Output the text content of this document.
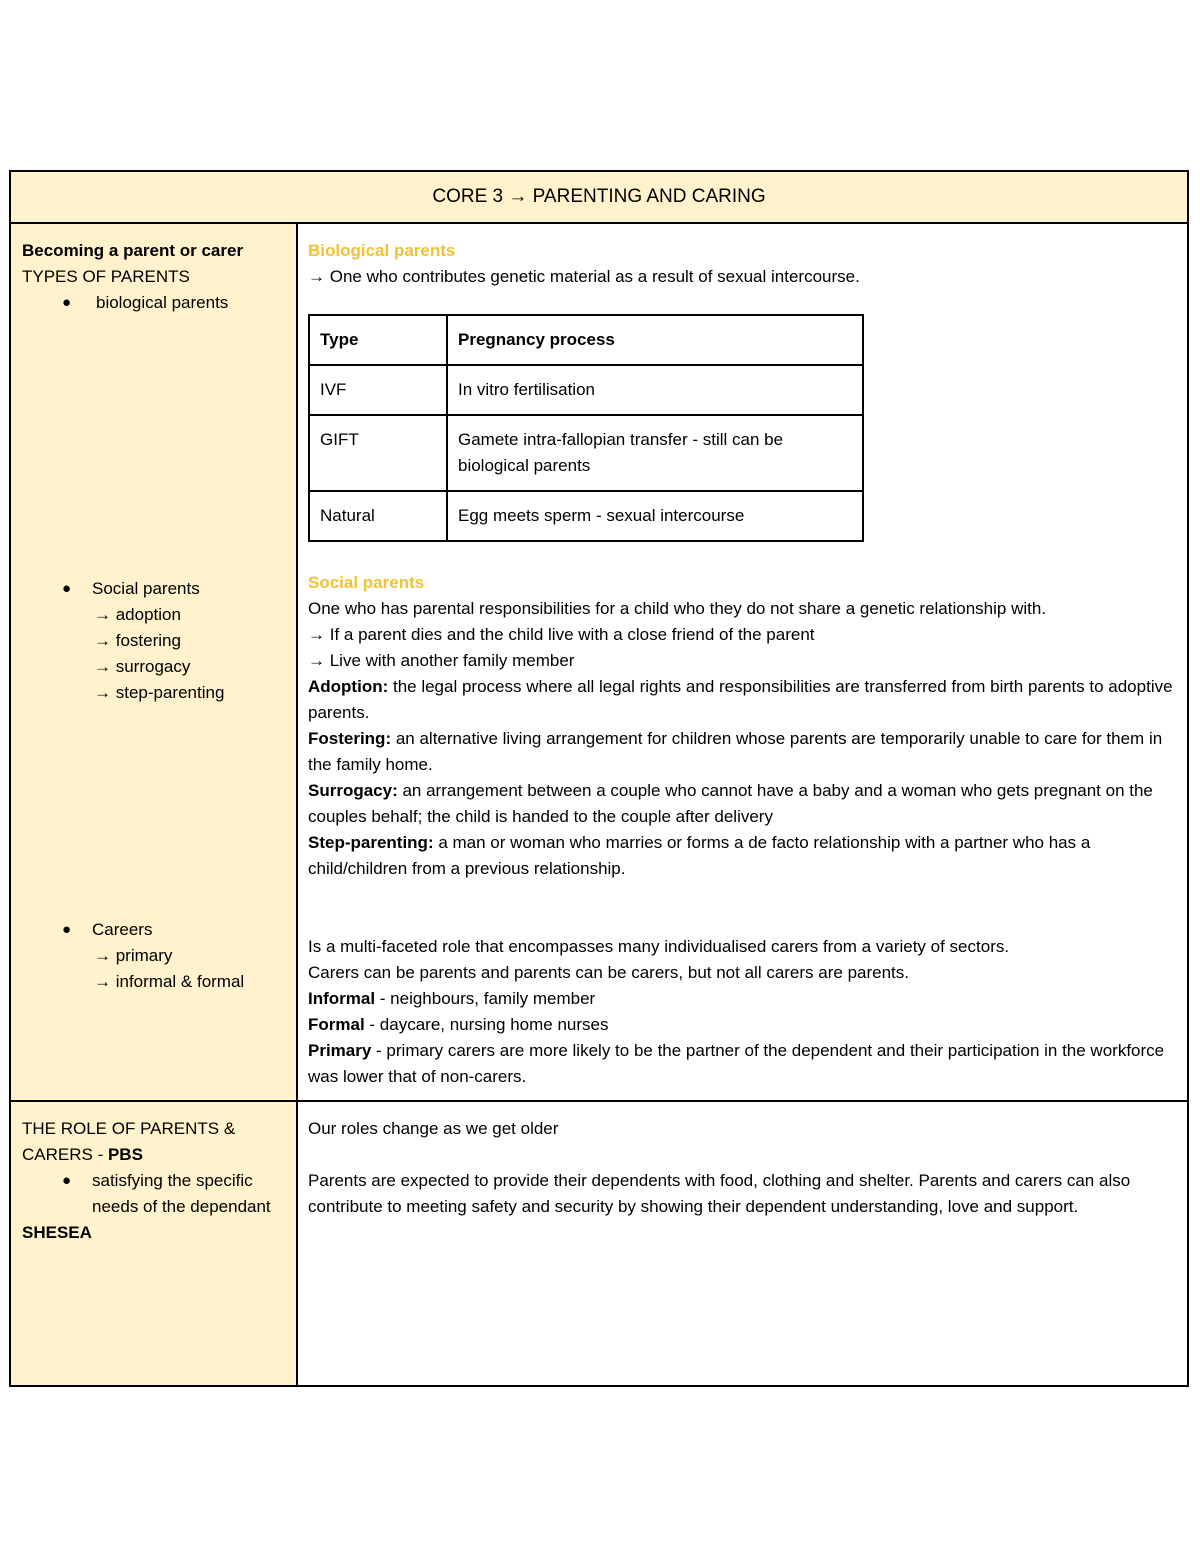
CORE 3 → PARENTING AND CARING

Becoming a parent or carer
TYPES OF PARENTS
● biological parents
● Social parents
→ adoption
→ fostering
→ surrogacy
→ step-parenting
● Careers
→ primary
→ informal & formal

Biological parents
→ One who contributes genetic material as a result of sexual intercourse.
Type	Pregnancy process
IVF	In vitro fertilisation
GIFT	Gamete intra-fallopian transfer - still can be biological parents
Natural	Egg meets sperm - sexual intercourse
Social parents
One who has parental responsibilities for a child who they do not share a genetic relationship with.
→ If a parent dies and the child live with a close friend of the parent
→ Live with another family member
Adoption: the legal process where all legal rights and responsibilities are transferred from birth parents to adoptive parents.
Fostering: an alternative living arrangement for children whose parents are temporarily unable to care for them in the family home.
Surrogacy: an arrangement between a couple who cannot have a baby and a woman who gets pregnant on the couples behalf; the child is handed to the couple after delivery
Step-parenting: a man or woman who marries or forms a de facto relationship with a partner who has a child/children from a previous relationship.
Is a multi-faceted role that encompasses many individualised carers from a variety of sectors.
Carers can be parents and parents can be carers, but not all carers are parents.
Informal - neighbours, family member
Formal - daycare, nursing home nurses
Primary - primary carers are more likely to be the partner of the dependent and their participation in the workforce was lower that of non-carers.

THE ROLE OF PARENTS & CARERS - PBS
● satisfying the specific needs of the dependant
SHESEA

Our roles change as we get older
Parents are expected to provide their dependents with food, clothing and shelter. Parents and carers can also contribute to meeting safety and security by showing their dependent understanding, love and support.
